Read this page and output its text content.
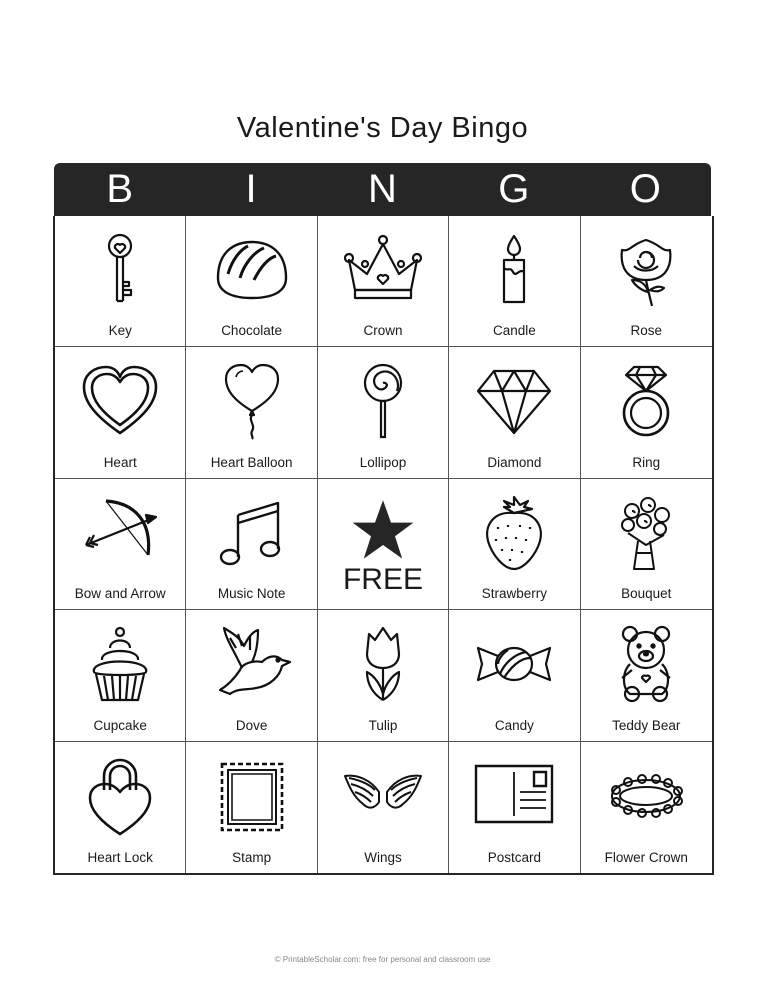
Valentine's Day Bingo
B	I	N	G	O
Key	Chocolate	Crown	Candle	Rose
Heart	Heart Balloon	Lollipop	Diamond	Ring
Bow and Arrow	Music Note	FREE	Strawberry	Bouquet
Cupcake	Dove	Tulip	Candy	Teddy Bear
Heart Lock	Stamp	Wings	Postcard	Flower Crown
© PrintableScholar.com: free for personal and classroom use
